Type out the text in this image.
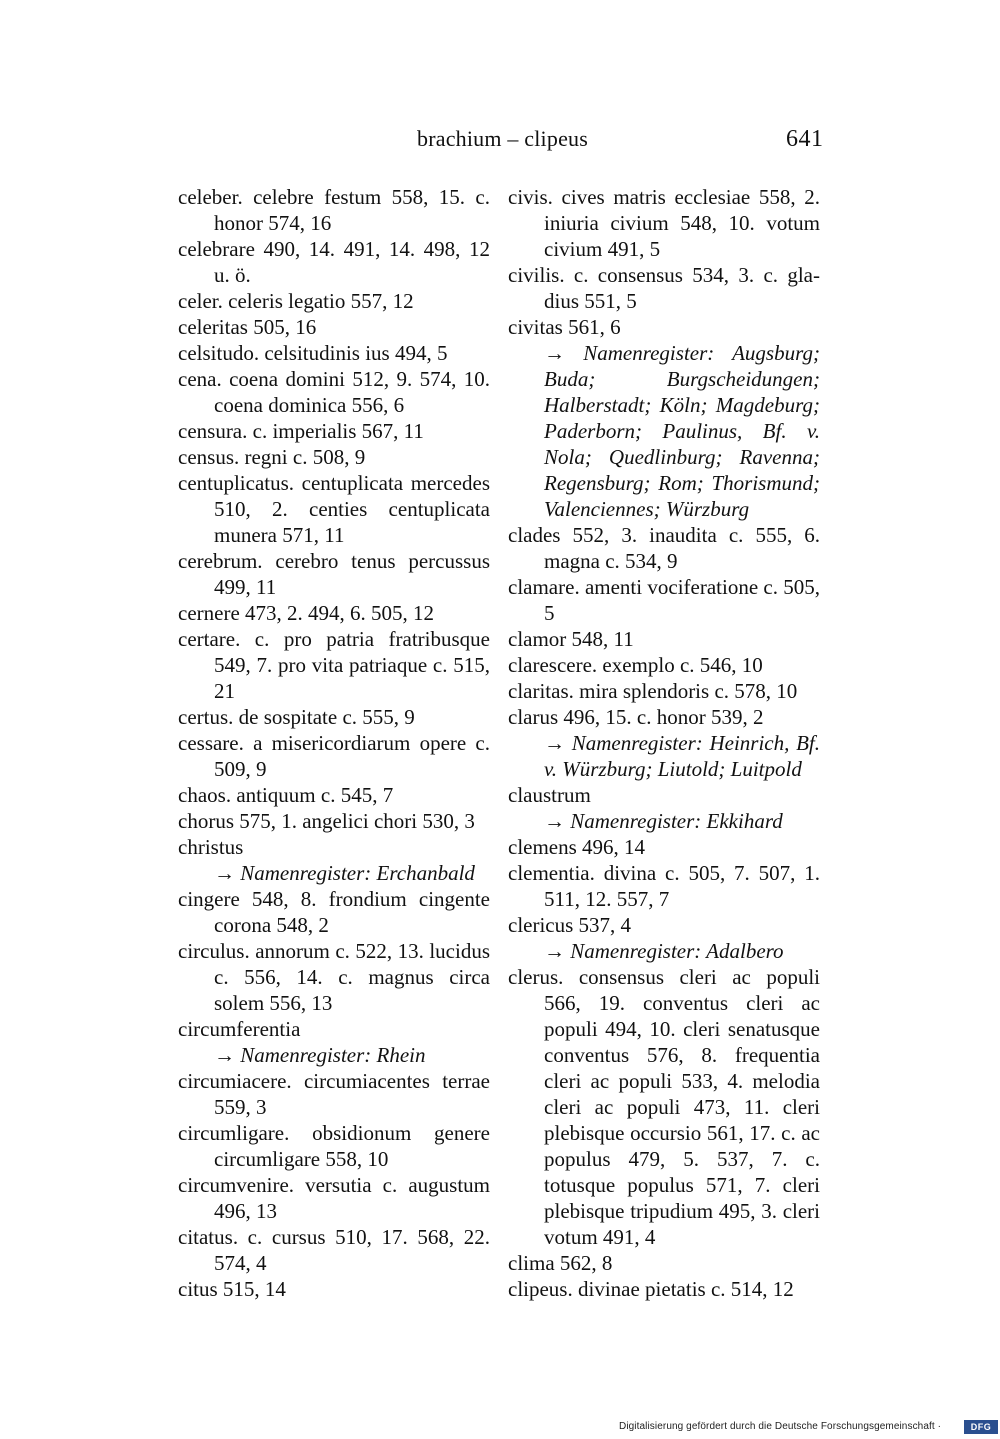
brachium – clipeus	641
celeber. celebre festum 558, 15. c. honor 574, 16
celebrare 490, 14. 491, 14. 498, 12 u. ö.
celer. celeris legatio 557, 12
celeritas 505, 16
celsitudo. celsitudinis ius 494, 5
cena. coena domini 512, 9. 574, 10. coena dominica 556, 6
censura. c. imperialis 567, 11
census. regni c. 508, 9
centuplicatus. centuplicata mercedes 510, 2. centies centuplicata munera 571, 11
cerebrum. cerebro tenus percussus 499, 11
cernere 473, 2. 494, 6. 505, 12
certare. c. pro patria fratribusque 549, 7. pro vita patriaque c. 515, 21
certus. de sospitate c. 555, 9
cessare. a misericordiarum opere c. 509, 9
chaos. antiquum c. 545, 7
chorus 575, 1. angelici chori 530, 3
christus
→ Namenregister: Erchanbald
cingere 548, 8. frondium cingente corona 548, 2
circulus. annorum c. 522, 13. lucidus c. 556, 14. c. magnus circa solem 556, 13
circumferentia
→ Namenregister: Rhein
circumiacere. circumiacentes terrae 559, 3
circumligare. obsidionum genere circumligare 558, 10
circumvenire. versutia c. augustum 496, 13
citatus. c. cursus 510, 17. 568, 22. 574, 4
citus 515, 14
civis. cives matris ecclesiae 558, 2. iniuria civium 548, 10. votum civium 491, 5
civilis. c. consensus 534, 3. c. gladius 551, 5
civitas 561, 6
→ Namenregister: Augsburg; Buda; Burgscheidungen; Halberstadt; Köln; Magdeburg; Paderborn; Paulinus, Bf. v. Nola; Quedlinburg; Ravenna; Regensburg; Rom; Thorismund; Valenciennes; Würzburg
clades 552, 3. inaudita c. 555, 6. magna c. 534, 9
clamare. amenti vociferatione c. 505, 5
clamor 548, 11
clarescere. exemplo c. 546, 10
claritas. mira splendoris c. 578, 10
clarus 496, 15. c. honor 539, 2
→ Namenregister: Heinrich, Bf. v. Würzburg; Liutold; Luitpold
claustrum
→ Namenregister: Ekkihard
clemens 496, 14
clementia. divina c. 505, 7. 507, 1. 511, 12. 557, 7
clericus 537, 4
→ Namenregister: Adalbero
clerus. consensus cleri ac populi 566, 19. conventus cleri ac populi 494, 10. cleri senatusque conventus 576, 8. frequentia cleri ac populi 533, 4. melodia cleri ac populi 473, 11. cleri plebisque occursio 561, 17. c. ac populus 479, 5. 537, 7. c. totusque populus 571, 7. cleri plebisque tripudium 495, 3. cleri votum 491, 4
clima 562, 8
clipeus. divinae pietatis c. 514, 12
Digitalisierung gefördert durch die Deutsche Forschungsgemeinschaft ·	DFG
